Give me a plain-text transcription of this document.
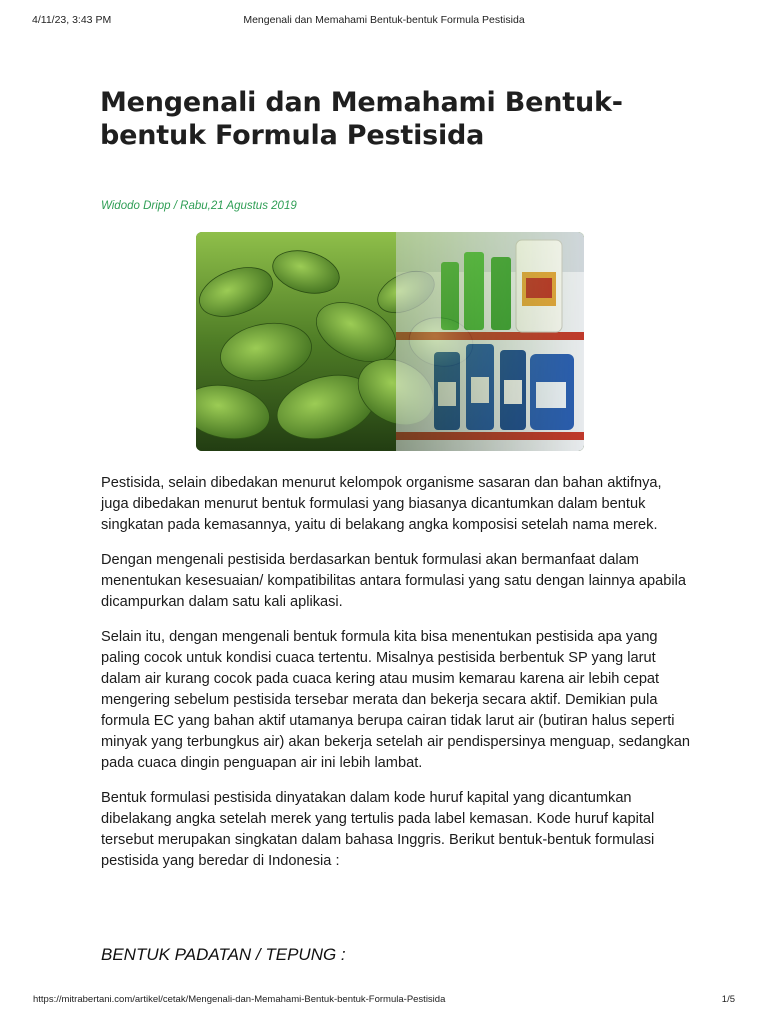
4/11/23, 3:43 PM	Mengenali dan Memahami Bentuk-bentuk Formula Pestisida
Mengenali dan Memahami Bentuk-bentuk Formula Pestisida
Widodo Dripp / Rabu,21 Agustus 2019

Pestisida, selain dibedakan menurut kelompok organisme sasaran dan bahan aktifnya, juga dibedakan menurut bentuk formulasi yang biasanya dicantumkan dalam bentuk singkatan pada kemasannya, yaitu di belakang angka komposisi setelah nama merek.

Dengan mengenali pestisida berdasarkan bentuk formulasi akan bermanfaat dalam menentukan kesesuaian/ kompatibilitas antara formulasi yang satu dengan lainnya apabila dicampurkan dalam satu kali aplikasi.

Selain itu, dengan mengenali bentuk formula kita bisa menentukan pestisida apa yang paling cocok untuk kondisi cuaca tertentu. Misalnya pestisida berbentuk SP yang larut dalam air kurang cocok pada cuaca kering atau musim kemarau karena air lebih cepat mengering sebelum pestisida tersebar merata dan bekerja secara aktif. Demikian pula formula EC yang bahan aktif utamanya berupa cairan tidak larut air (butiran halus seperti minyak yang terbungkus air) akan bekerja setelah air pendispersinya menguap, sedangkan pada cuaca dingin penguapan air ini lebih lambat.

Bentuk formulasi pestisida dinyatakan dalam kode huruf kapital yang dicantumkan dibelakang angka setelah merek yang tertulis pada label kemasan. Kode huruf kapital tersebut merupakan singkatan dalam bahasa Inggris. Berikut bentuk-bentuk formulasi pestisida yang beredar di Indonesia :

BENTUK PADATAN / TEPUNG :
https://mitrabertani.com/artikel/cetak/Mengenali-dan-Memahami-Bentuk-bentuk-Formula-Pestisida	1/5
